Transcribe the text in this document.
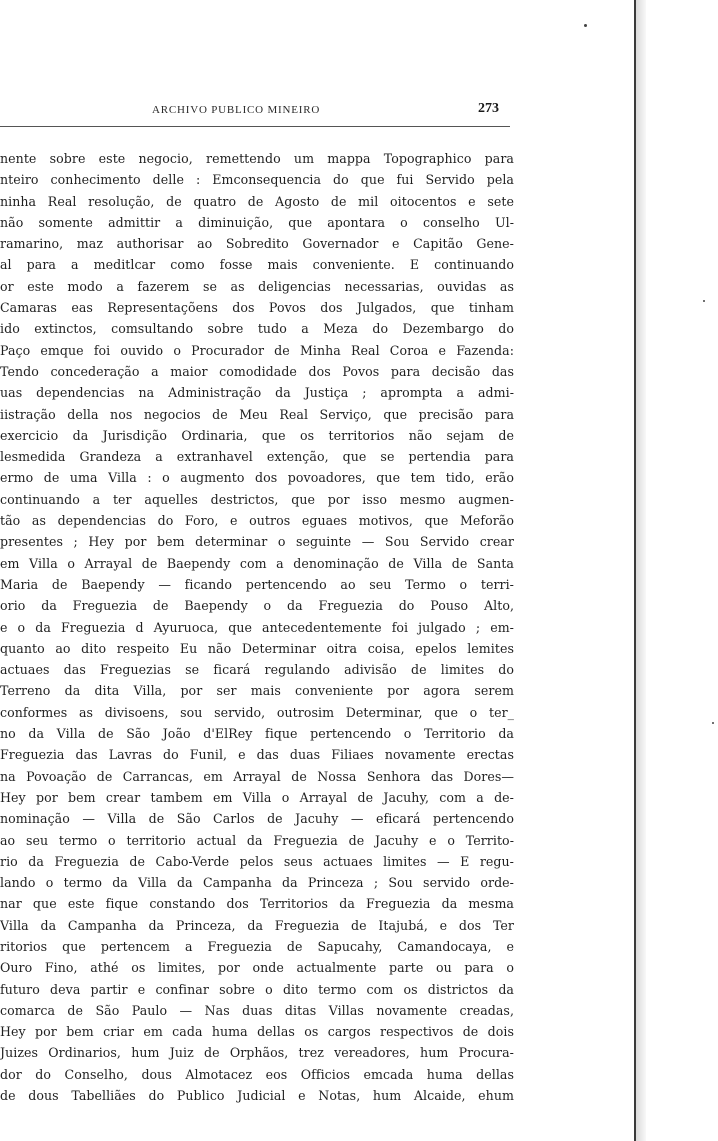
ARCHIVO PUBLICO MINEIRO	273
nente sobre este negocio, remettendo um mappa Topographico para
nteiro conhecimento delle : Emconsequencia do que fui Servido pela
ninha Real resolução, de quatro de Agosto de mil oitocentos e sete
não somente admittir a diminuição, que apontara o conselho Ul-
ramarino, maz authorisar ao Sobredito Governador e Capitão Gene-
al para a meditlcar como fosse mais conveniente. E continuando
or este modo a fazerem se as deligencias necessarias, ouvidas as
Camaras eas Representaçõens dos Povos dos Julgados, que tinham
ido extinctos, comsultando sobre tudo a Meza do Dezembargo do
Paço emque foi ouvido o Procurador de Minha Real Coroa e Fazenda:
Tendo concederação a maior comodidade dos Povos para decisão das
uas dependencias na Administração da Justiça ; aprompta a admi-
iistração della nos negocios de Meu Real Serviço, que precisão para
exercicio da Jurisdição Ordinaria, que os territorios não sejam de
lesmedida Grandeza a extranhavel extenção, que se pertendia para
ermo de uma Villa : o augmento dos povoadores, que tem tido, erão
continuando a ter aquelles destrictos, que por isso mesmo augmen-
tão as dependencias do Foro, e outros eguaes motivos, que Meforão
presentes ; Hey por bem determinar o seguinte — Sou Servido crear
em Villa o Arrayal de Baependy com a denominação de Villa de Santa
Maria de Baependy — ficando pertencendo ao seu Termo o terri-
orio da Freguezia de Baependy o da Freguezia do Pouso Alto,
e o da Freguezia d Ayuruoca, que antecedentemente foi julgado ; em-
quanto ao dito respeito Eu não Determinar oitra coisa, epelos lemites
actuaes das Freguezias se ficará regulando adivisão de limites do
Terreno da dita Villa, por ser mais conveniente por agora serem
conformes as divisoens, sou servido, outrosim Determinar, que o ter_
no da Villa de São João d'ElRey fique pertencendo o Territorio da
Freguezia das Lavras do Funil, e das duas Filiaes novamente erectas
na Povoação de Carrancas, em Arrayal de Nossa Senhora das Dores—
Hey por bem crear tambem em Villa o Arrayal de Jacuhy, com a de-
nominação — Villa de São Carlos de Jacuhy — eficará pertencendo
ao seu termo o territorio actual da Freguezia de Jacuhy e o Territo-
rio da Freguezia de Cabo-Verde pelos seus actuaes limites — E regu-
lando o termo da Villa da Campanha da Princeza ; Sou servido orde-
nar que este fique constando dos Territorios da Freguezia da mesma
Villa da Campanha da Princeza, da Freguezia de Itajubá, e dos Ter
ritorios que pertencem a Freguezia de Sapucahy, Camandocaya, e
Ouro Fino, athé os limites, por onde actualmente parte ou para o
futuro deva partir e confinar sobre o dito termo com os districtos da
comarca de São Paulo — Nas duas ditas Villas novamente creadas,
Hey por bem criar em cada huma dellas os cargos respectivos de dois
Juizes Ordinarios, hum Juiz de Orphãos, trez vereadores, hum Procura-
dor do Conselho, dous Almotacez eos Officios emcada huma dellas
de dous Tabelliães do Publico Judicial e Notas, hum Alcaide, ehum
